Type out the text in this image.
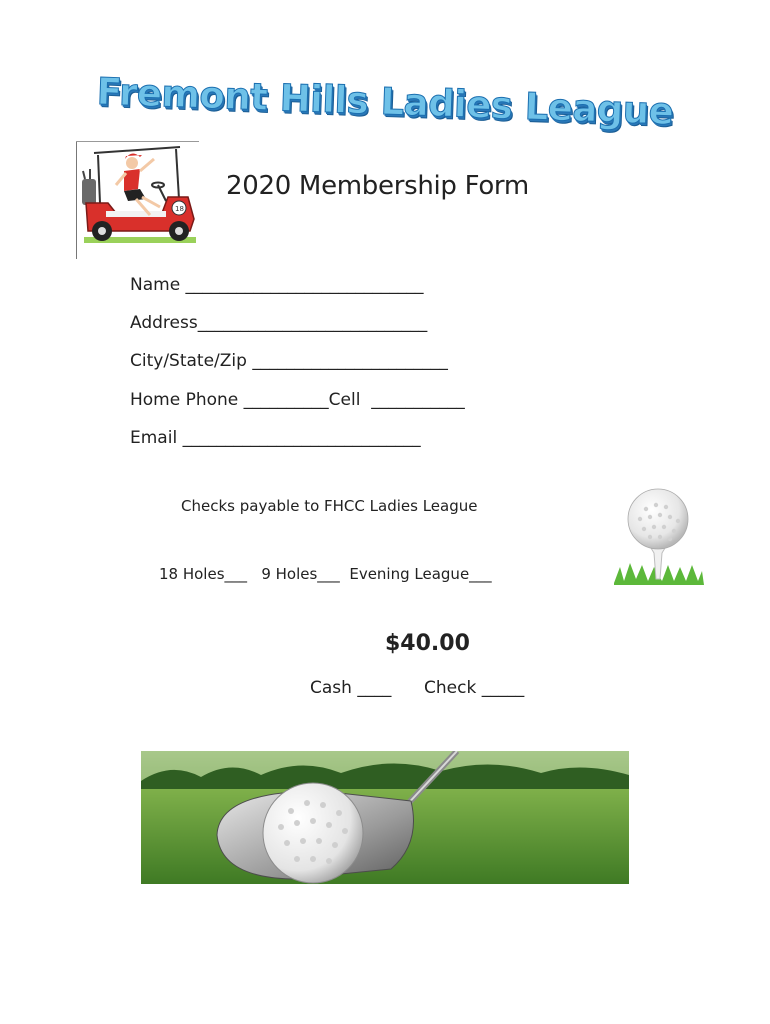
Fremont Hills Ladies League
18
2020 Membership Form
Name ____________________________
Address___________________________
City/State/Zip _______________________
Home Phone __________Cell  ___________
Email ____________________________
Checks payable to FHCC Ladies League
18 Holes___   9 Holes___  Evening League___
$40.00
Cash ____ Check _____
